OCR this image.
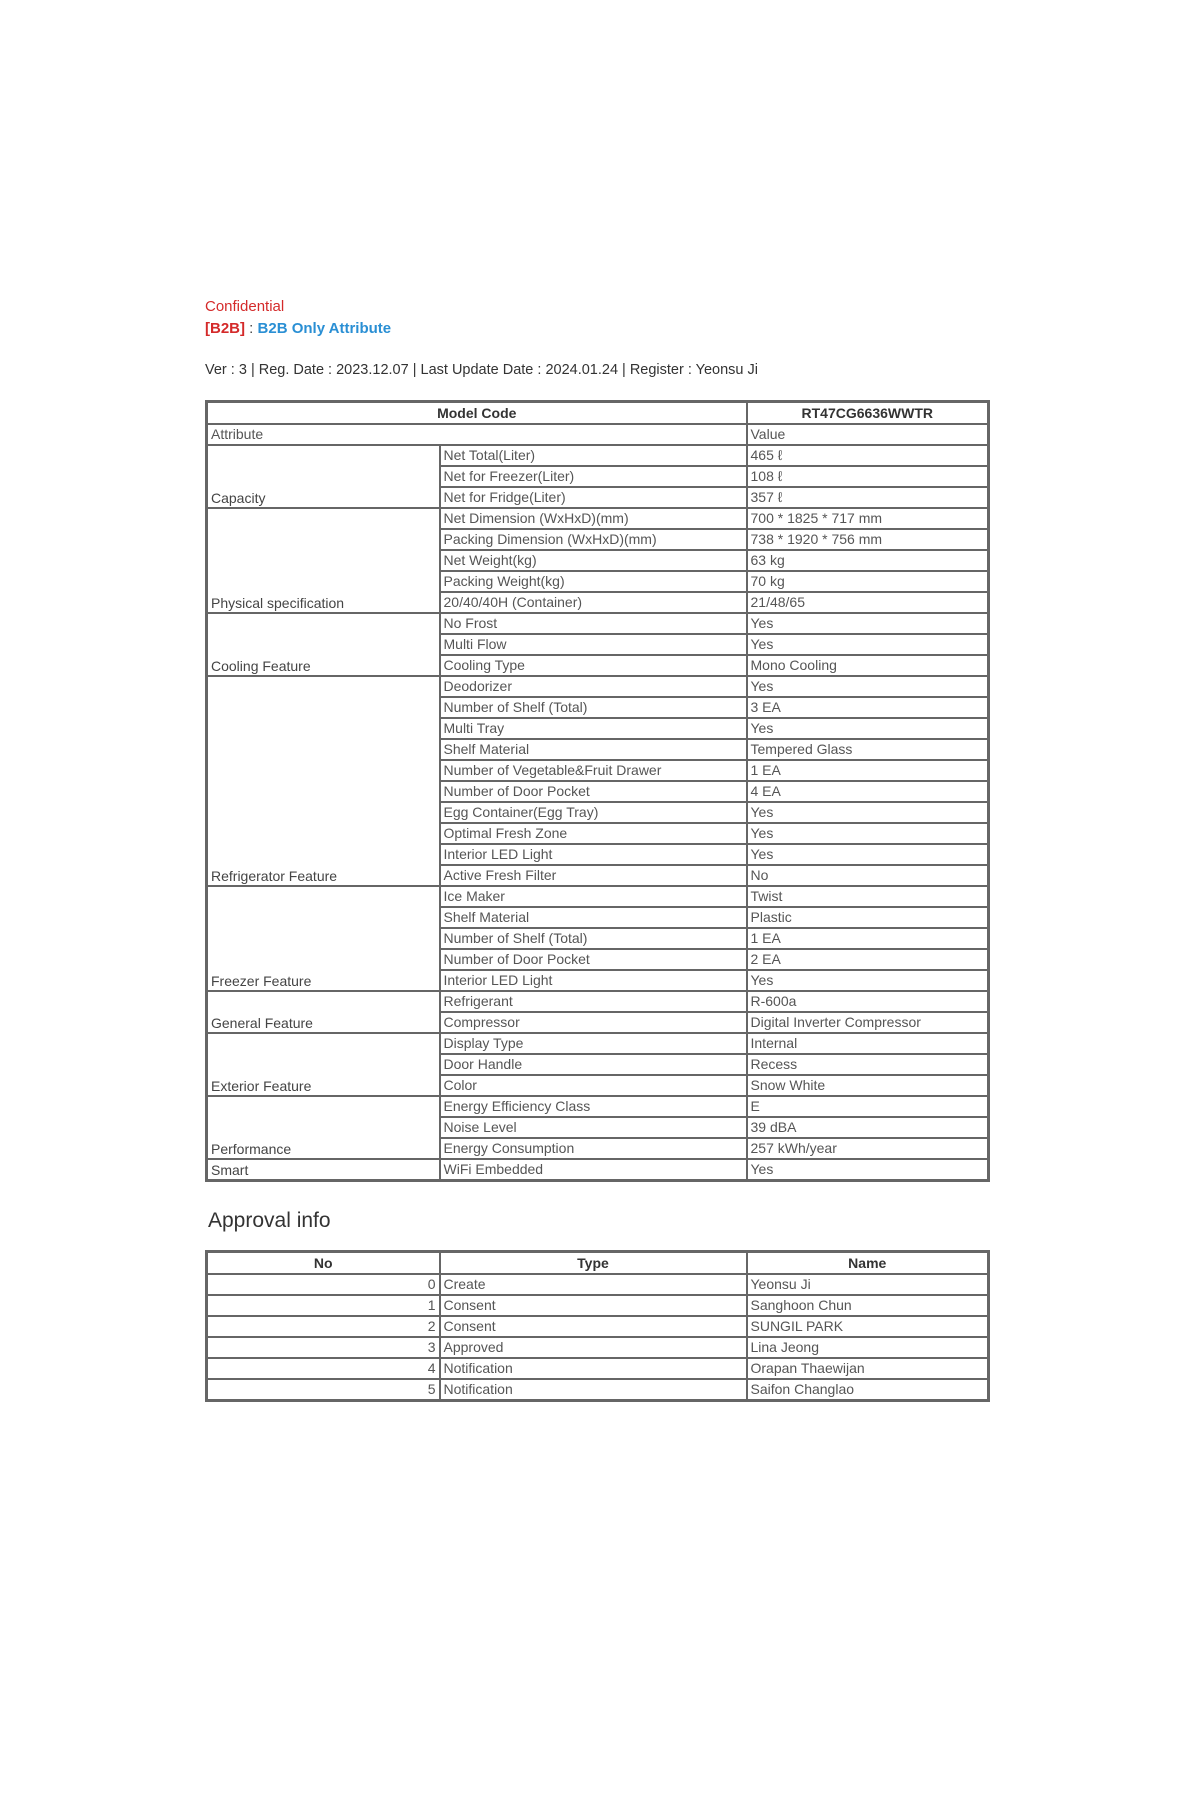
Confidential
[B2B] : B2B Only Attribute
Ver : 3 | Reg. Date : 2023.12.07 | Last Update Date : 2024.01.24 | Register : Yeonsu Ji
Model Code		RT47CG6636WWTR
Attribute		Value
Capacity	Net Total(Liter)	465 ℓ
	Net for Freezer(Liter)	108 ℓ
	Net for Fridge(Liter)	357 ℓ
Physical specification	Net Dimension (WxHxD)(mm)	700 * 1825 * 717 mm
	Packing Dimension (WxHxD)(mm)	738 * 1920 * 756 mm
	Net Weight(kg)	63 kg
	Packing Weight(kg)	70 kg
	20/40/40H (Container)	21/48/65
Cooling Feature	No Frost	Yes
	Multi Flow	Yes
	Cooling Type	Mono Cooling
Refrigerator Feature	Deodorizer	Yes
	Number of Shelf (Total)	3 EA
	Multi Tray	Yes
	Shelf Material	Tempered Glass
	Number of Vegetable&Fruit Drawer	1 EA
	Number of Door Pocket	4 EA
	Egg Container(Egg Tray)	Yes
	Optimal Fresh Zone	Yes
	Interior LED Light	Yes
	Active Fresh Filter	No
Freezer Feature	Ice Maker	Twist
	Shelf Material	Plastic
	Number of Shelf (Total)	1 EA
	Number of Door Pocket	2 EA
	Interior LED Light	Yes
General Feature	Refrigerant	R-600a
	Compressor	Digital Inverter Compressor
Exterior Feature	Display Type	Internal
	Door Handle	Recess
	Color	Snow White
Performance	Energy Efficiency Class	E
	Noise Level	39 dBA
	Energy Consumption	257 kWh/year
Smart	WiFi Embedded	Yes
Approval info
No	Type	Name
0	Create	Yeonsu Ji
1	Consent	Sanghoon Chun
2	Consent	SUNGIL PARK
3	Approved	Lina Jeong
4	Notification	Orapan Thaewijan
5	Notification	Saifon Changlao
